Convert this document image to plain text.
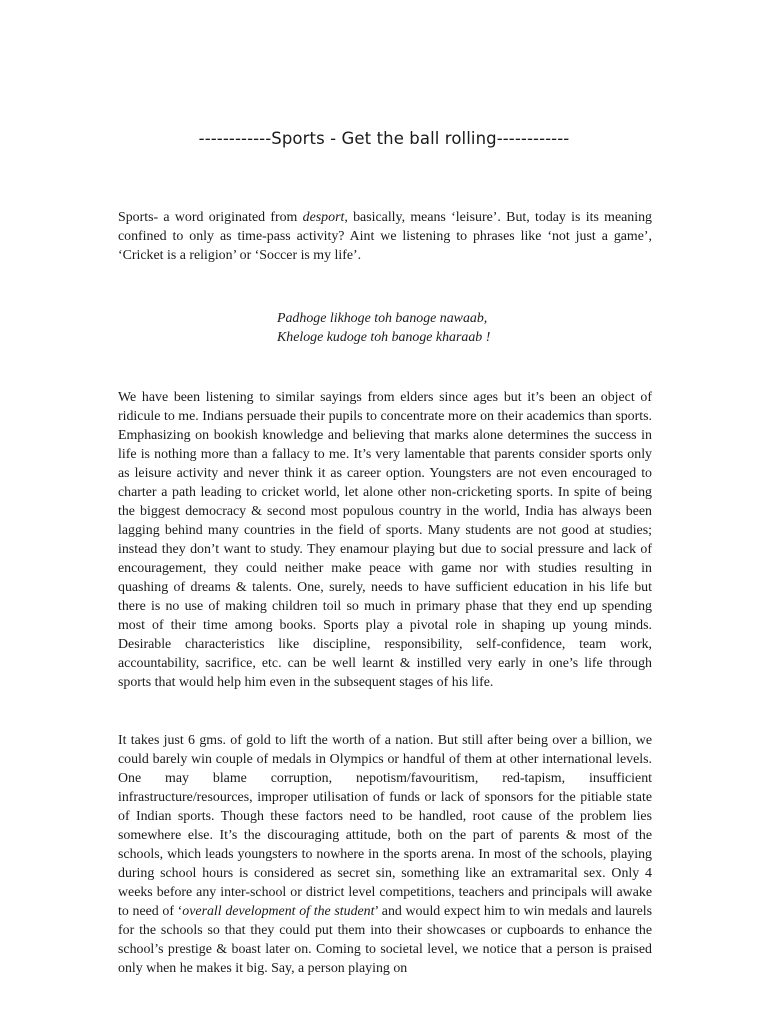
------------Sports - Get the ball rolling------------

Sports- a word originated from desport, basically, means ‘leisure’. But, today is its meaning confined to only as time-pass activity? Aint we listening to phrases like ‘not just a game’, ‘Cricket is a religion’ or ‘Soccer is my life’.

Padhoge likhoge toh banoge nawaab,
Kheloge kudoge toh banoge kharaab !

We have been listening to similar sayings from elders since ages but it’s been an object of ridicule to me. Indians persuade their pupils to concentrate more on their academics than sports. Emphasizing on bookish knowledge and believing that marks alone determines the success in life is nothing more than a fallacy to me. It’s very lamentable that parents consider sports only as leisure activity and never think it as career option. Youngsters are not even encouraged to charter a path leading to cricket world, let alone other non-cricketing sports. In spite of being the biggest democracy & second most populous country in the world, India has always been lagging behind many countries in the field of sports. Many students are not good at studies; instead they don’t want to study. They enamour playing but due to social pressure and lack of encouragement, they could neither make peace with game nor with studies resulting in quashing of dreams & talents. One, surely, needs to have sufficient education in his life but there is no use of making children toil so much in primary phase that they end up spending most of their time among books. Sports play a pivotal role in shaping up young minds. Desirable characteristics like discipline, responsibility, self-confidence, team work, accountability, sacrifice, etc. can be well learnt & instilled very early in one’s life through sports that would help him even in the subsequent stages of his life.

It takes just 6 gms. of gold to lift the worth of a nation. But still after being over a billion, we could barely win couple of medals in Olympics or handful of them at other international levels. One may blame corruption, nepotism/favouritism, red-tapism, insufficient infrastructure/resources, improper utilisation of funds or lack of sponsors for the pitiable state of Indian sports. Though these factors need to be handled, root cause of the problem lies somewhere else. It’s the discouraging attitude, both on the part of parents & most of the schools, which leads youngsters to nowhere in the sports arena. In most of the schools, playing during school hours is considered as secret sin, something like an extramarital sex. Only 4 weeks before any inter-school or district level competitions, teachers and principals will awake to need of ‘overall development of the student’ and would expect him to win medals and laurels for the schools so that they could put them into their showcases or cupboards to enhance the school’s prestige & boast later on. Coming to societal level, we notice that a person is praised only when he makes it big. Say, a person playing on
